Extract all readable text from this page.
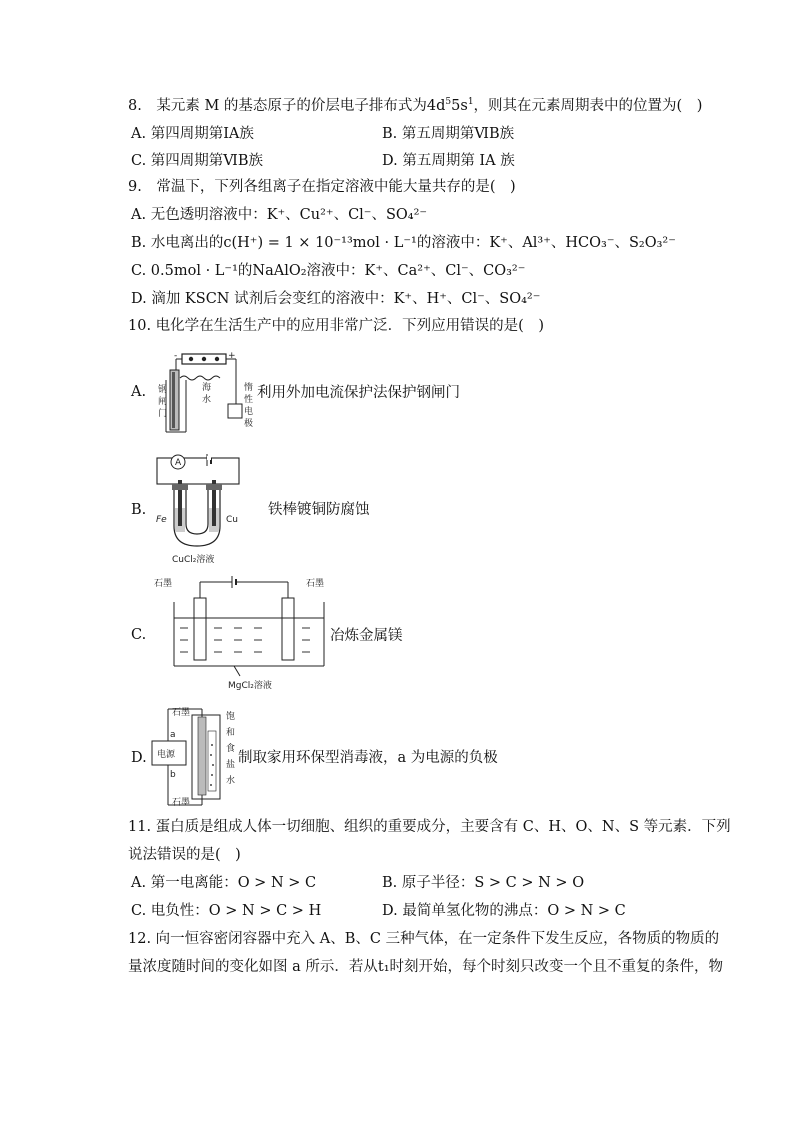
8.　某元素 M 的基态原子的价层电子排布式为$4d^55s^1$，则其在元素周期表中的位置为(　)
A. 第四周期第ⅠA族	B. 第五周期第ⅥB族
C. 第四周期第ⅥB族	D. 第五周期第 ⅠA 族
9.　常温下，下列各组离子在指定溶液中能大量共存的是(　)
A. 无色透明溶液中：K⁺、Cu²⁺、Cl⁻、SO₄²⁻
B. 水电离出的c(H⁺) = 1 × 10⁻¹³mol · L⁻¹的溶液中：K⁺、Al³⁺、HCO₃⁻、S₂O₃²⁻
C. 0.5mol · L⁻¹的NaAlO₂溶液中：K⁺、Ca²⁺、Cl⁻、CO₃²⁻
D. 滴加 KSCN 试剂后会变红的溶液中：K⁺、H⁺、Cl⁻、SO₄²⁻
10. 电化学在生活生产中的应用非常广泛．下列应用错误的是(　)
A.
-	+
钢
闸
门
海
水
惰
性
电
极
利用外加电流保护法保护钢闸门
B.
A
Fe	Cu
CuCl₂溶液
铁棒镀铜防腐蚀
C.
石墨	石墨
MgCl₂溶液
冶炼金属镁
D.
石墨
石墨
电源
a
b
饱
和
食
盐
水
制取家用环保型消毒液，a 为电源的负极
11. 蛋白质是组成人体一切细胞、组织的重要成分，主要含有 C、H、O、N、S 等元素．下列
说法错误的是(　)
A. 第一电离能：O > N > C	B. 原子半径：S > C > N > O
C. 电负性：O > N > C > H	D. 最简单氢化物的沸点：O > N > C
12. 向一恒容密闭容器中充入 A、B、C 三种气体，在一定条件下发生反应，各物质的物质的
量浓度随时间的变化如图 a 所示．若从t₁时刻开始，每个时刻只改变一个且不重复的条件，物
